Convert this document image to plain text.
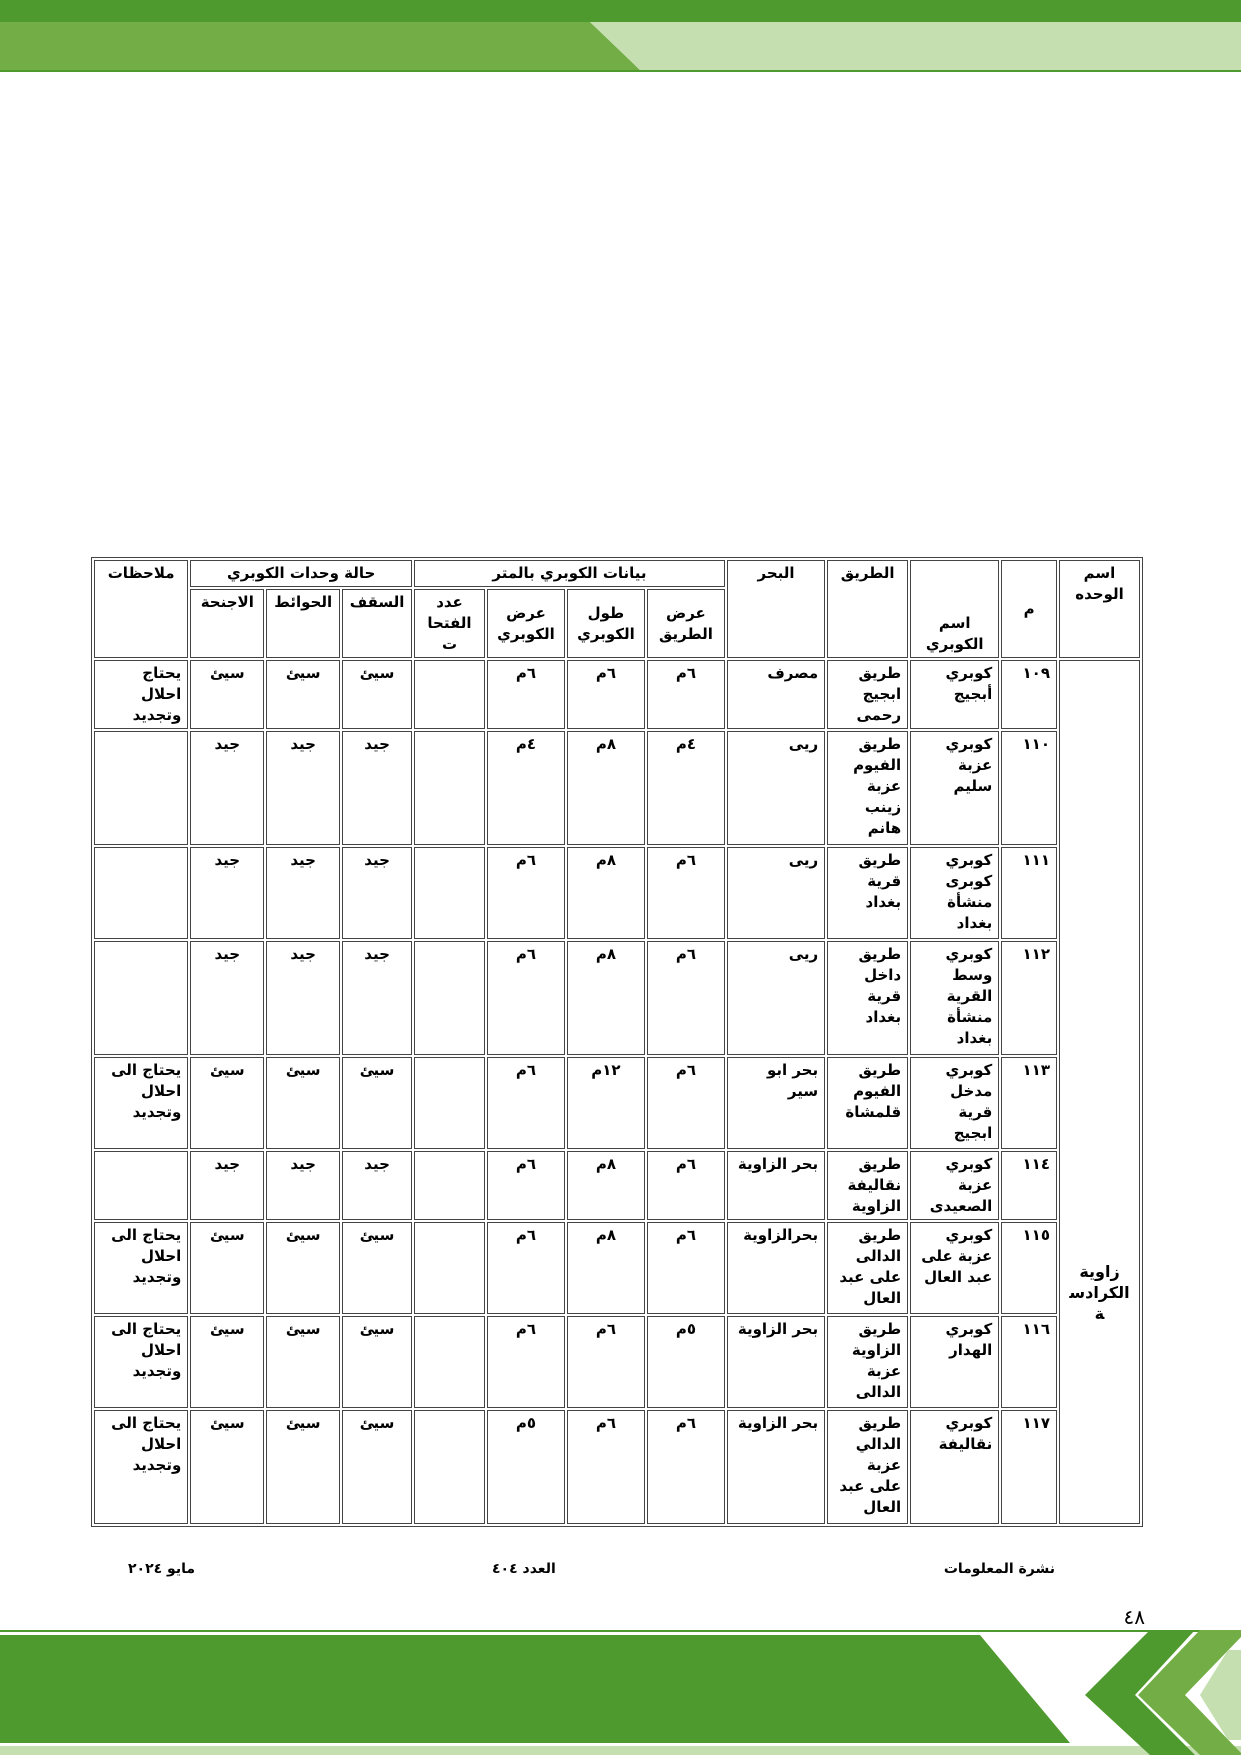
اسم الوحده	م	اسم الكوبري	الطريق	البحر	بيانات الكوبري بالمتر				حالة وحدات الكوبري			ملاحظات
					عرض الطريق	طول الكوبري	عرض الكوبري	عدد الفتحات	السقف	الحوائط	الاجنحة	
زاوية الكرادسة	١٠٩	كوبري أبجيج	طريق ابجيج رحمى	مصرف	٦م	٦م	٦م		سيئ	سيئ	سيئ	يحتاج احلال وتجديد
	١١٠	كوبري عزبة سليم	طريق الفيوم عزبة زينب هانم	ريى	٤م	٨م	٤م		جيد	جيد	جيد	
	١١١	كوبري كوبرى منشأة بغداد	طريق قرية بغداد	ريى	٦م	٨م	٦م		جيد	جيد	جيد	
	١١٢	كوبري وسط القرية منشأة بغداد	طريق داخل قرية بغداد	ريى	٦م	٨م	٦م		جيد	جيد	جيد	
	١١٣	كوبري مدخل قرية ابجيج	طريق الفيوم قلمشاة	بحر ابو سير	٦م	١٢م	٦م		سيئ	سيئ	سيئ	يحتاج الى احلال وتجديد
	١١٤	كوبري عزبة الصعيدى	طريق نقاليفة الزاوية	بحر الزاوية	٦م	٨م	٦م		جيد	جيد	جيد	
	١١٥	كوبري عزبة على عبد العال	طريق الدالى على عبد العال	بحرالزاوية	٦م	٨م	٦م		سيئ	سيئ	سيئ	يحتاج الى احلال وتجديد
	١١٦	كوبري الهدار	طريق الزاوية عزبة الدالى	بحر الزاوية	٥م	٦م	٦م		سيئ	سيئ	سيئ	يحتاج الى احلال وتجديد
	١١٧	كوبري نقاليفة	طريق الدالي عزبة على عبد العال	بحر الزاوية	٦م	٦م	٥م		سيئ	سيئ	سيئ	يحتاج الى احلال وتجديد
نشرة المعلومات
العدد ٤٠٤
مايو ٢٠٢٤
٤٨
